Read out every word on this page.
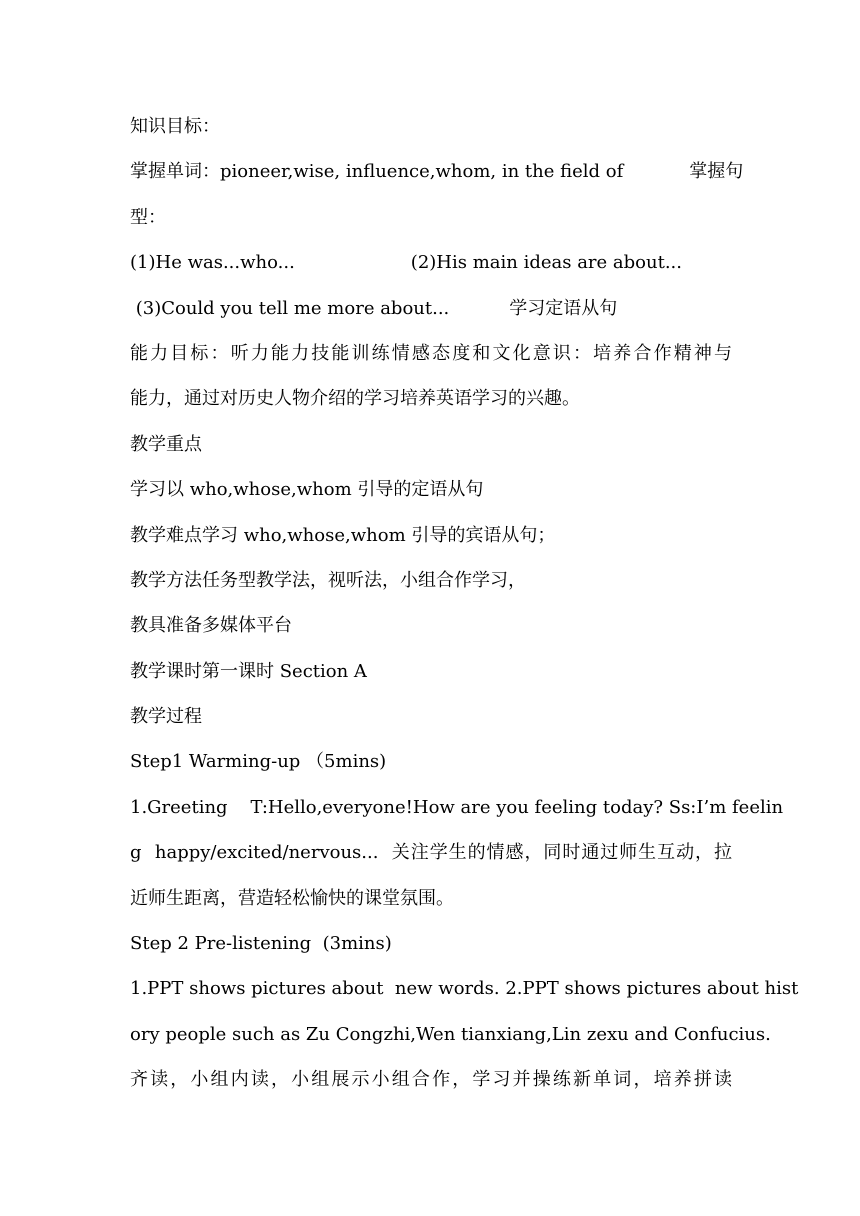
知识目标：
掌握单词：pioneer,wise, influence,whom, in the field of	掌握句
型：
(1)He was...who...	(2)His main ideas are about...
(3)Could you tell me more about...	学习定语从句
能力目标：听力能力技能训练情感态度和文化意识：培养合作精神与
能力，通过对历史人物介绍的学习培养英语学习的兴趣。
教学重点
学习以 who,whose,whom 引导的定语从句
教学难点学习 who,whose,whom 引导的宾语从句；
教学方法任务型教学法，视听法，小组合作学习，
教具准备多媒体平台
教学课时第一课时 Section A
教学过程
Step1 Warming-up （5mins)
1.Greeting    T:Hello,everyone!How are you feeling today? Ss:I’m feelin
g  happy/excited/nervous...  关注学生的情感，同时通过师生互动，拉
近师生距离，营造轻松愉快的课堂氛围。
Step 2 Pre-listening  (3mins)
1.PPT shows pictures about  new words. 2.PPT shows pictures about hist
ory people such as Zu Congzhi,Wen tianxiang,Lin zexu and Confucius.
齐读，小组内读，小组展示小组合作，学习并操练新单词，培养拼读
